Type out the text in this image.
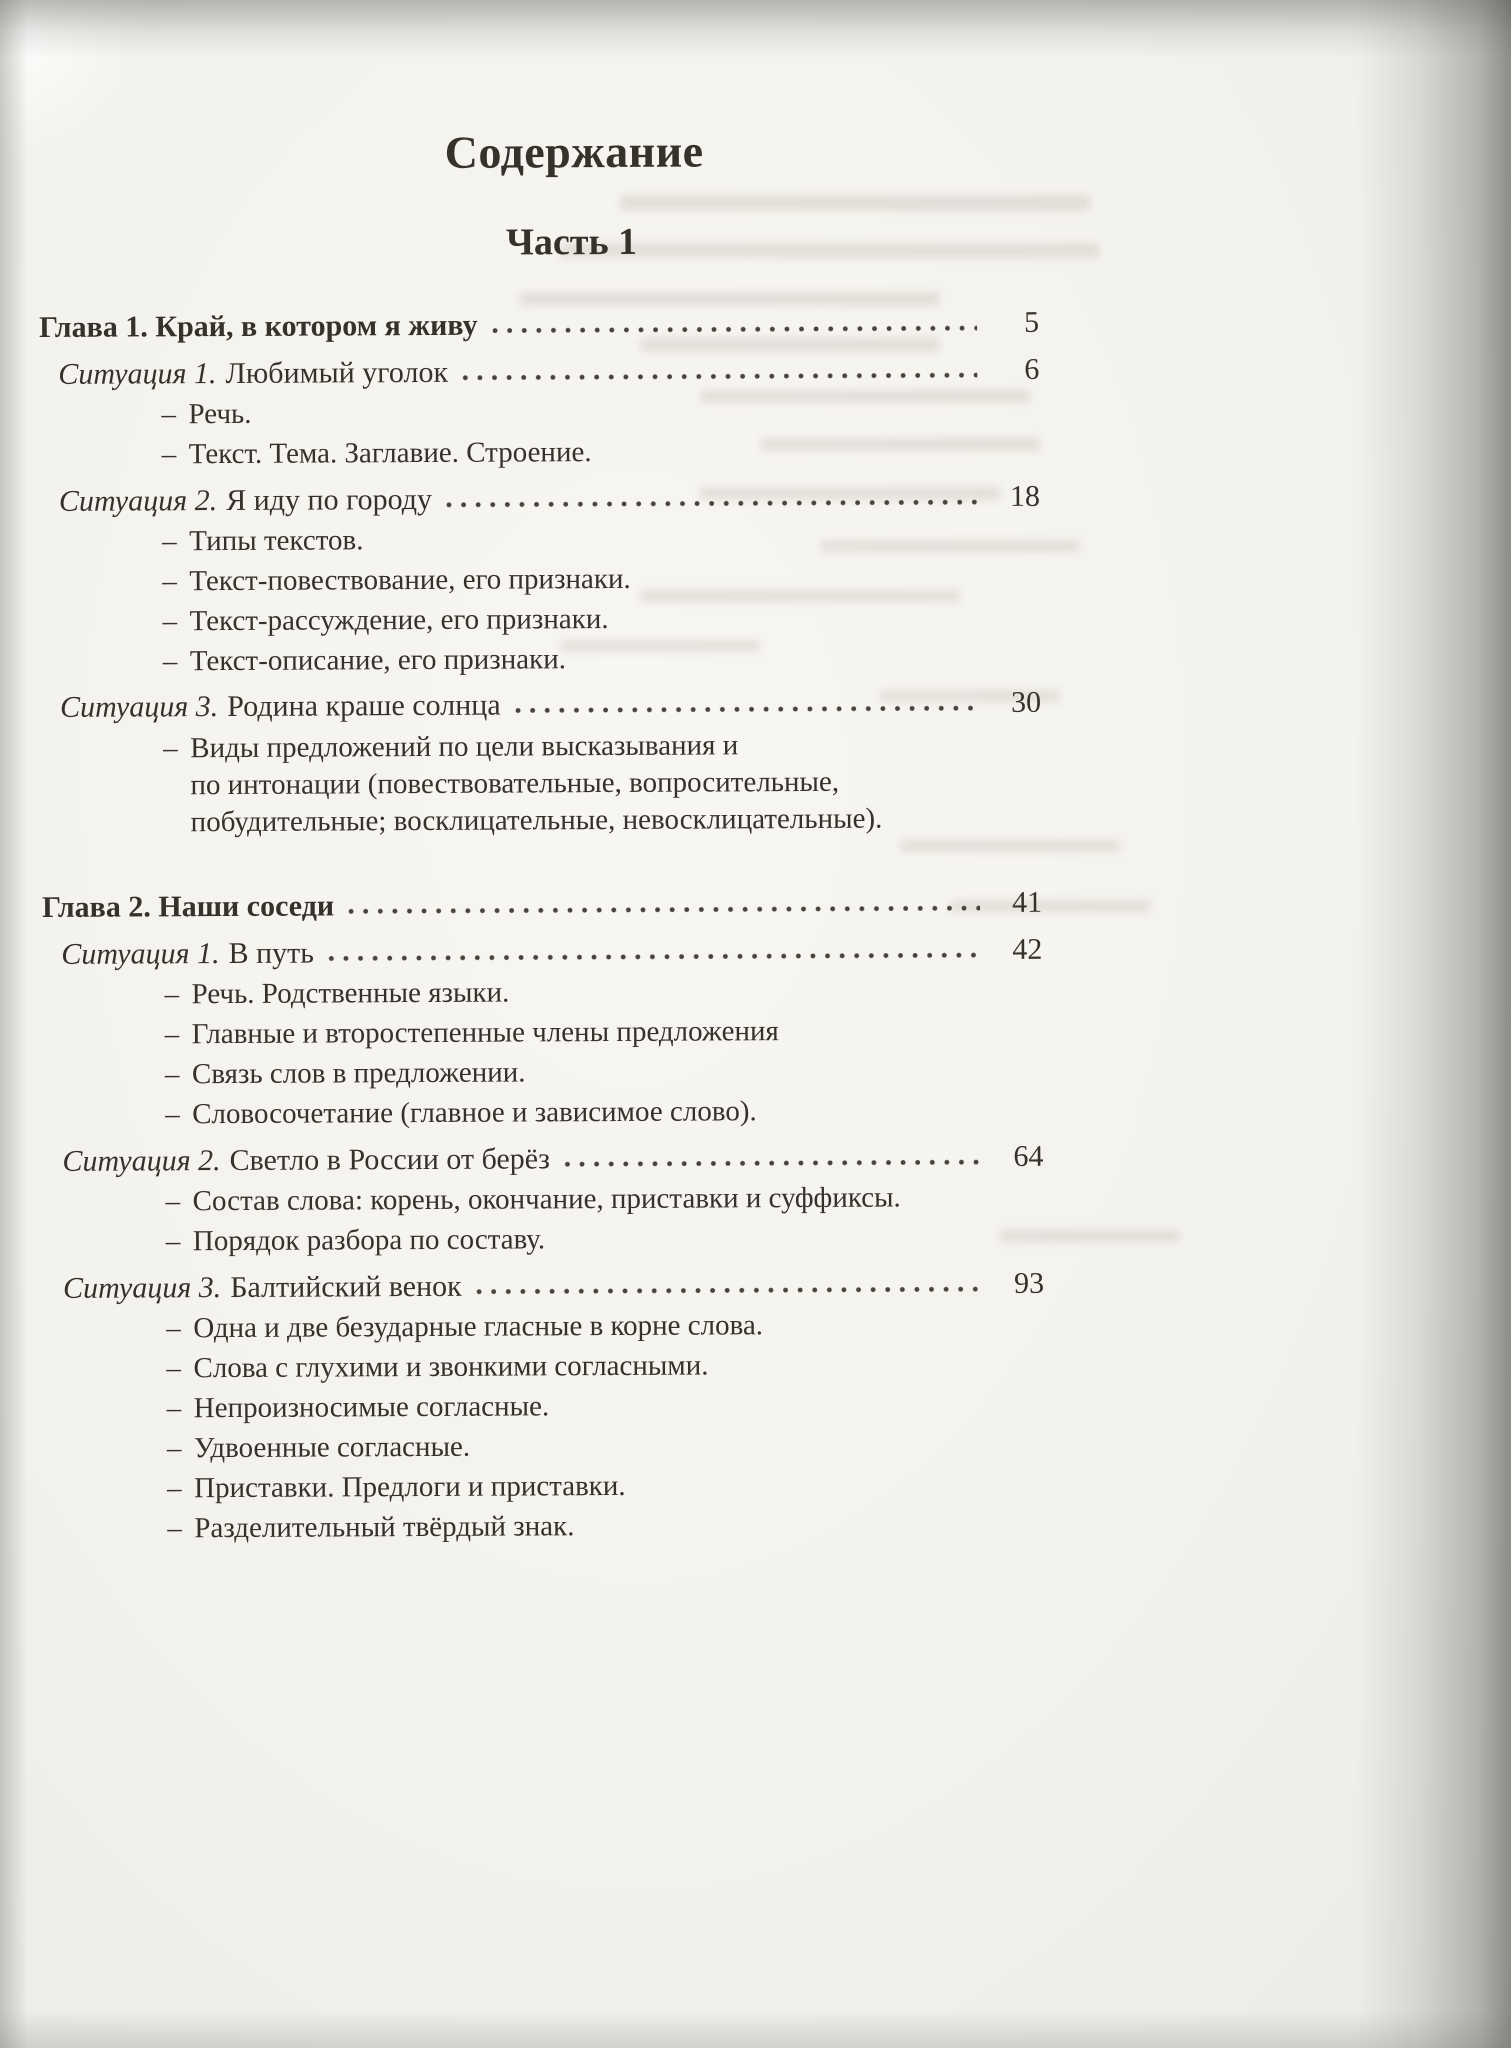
Содержание
Часть 1
Глава 1. Край, в котором я живу	5
Ситуация 1. Любимый уголок	6
– Речь.
– Текст. Тема. Заглавие. Строение.
Ситуация 2. Я иду по городу	18
– Типы текстов.
– Текст-повествование, его признаки.
– Текст-рассуждение, его признаки.
– Текст-описание, его признаки.
Ситуация 3. Родина краше солнца	30
– Виды предложений по цели высказывания и
по интонации (повествовательные, вопросительные,
побудительные; восклицательные, невосклицательные).
Глава 2. Наши соседи	41
Ситуация 1. В путь	42
– Речь. Родственные языки.
– Главные и второстепенные члены предложения
– Связь слов в предложении.
– Словосочетание (главное и зависимое слово).
Ситуация 2. Светло в России от берёз	64
– Состав слова: корень, окончание, приставки и суффиксы.
– Порядок разбора по составу.
Ситуация 3. Балтийский венок	93
– Одна и две безударные гласные в корне слова.
– Слова с глухими и звонкими согласными.
– Непроизносимые согласные.
– Удвоенные согласные.
– Приставки. Предлоги и приставки.
– Разделительный твёрдый знак.
